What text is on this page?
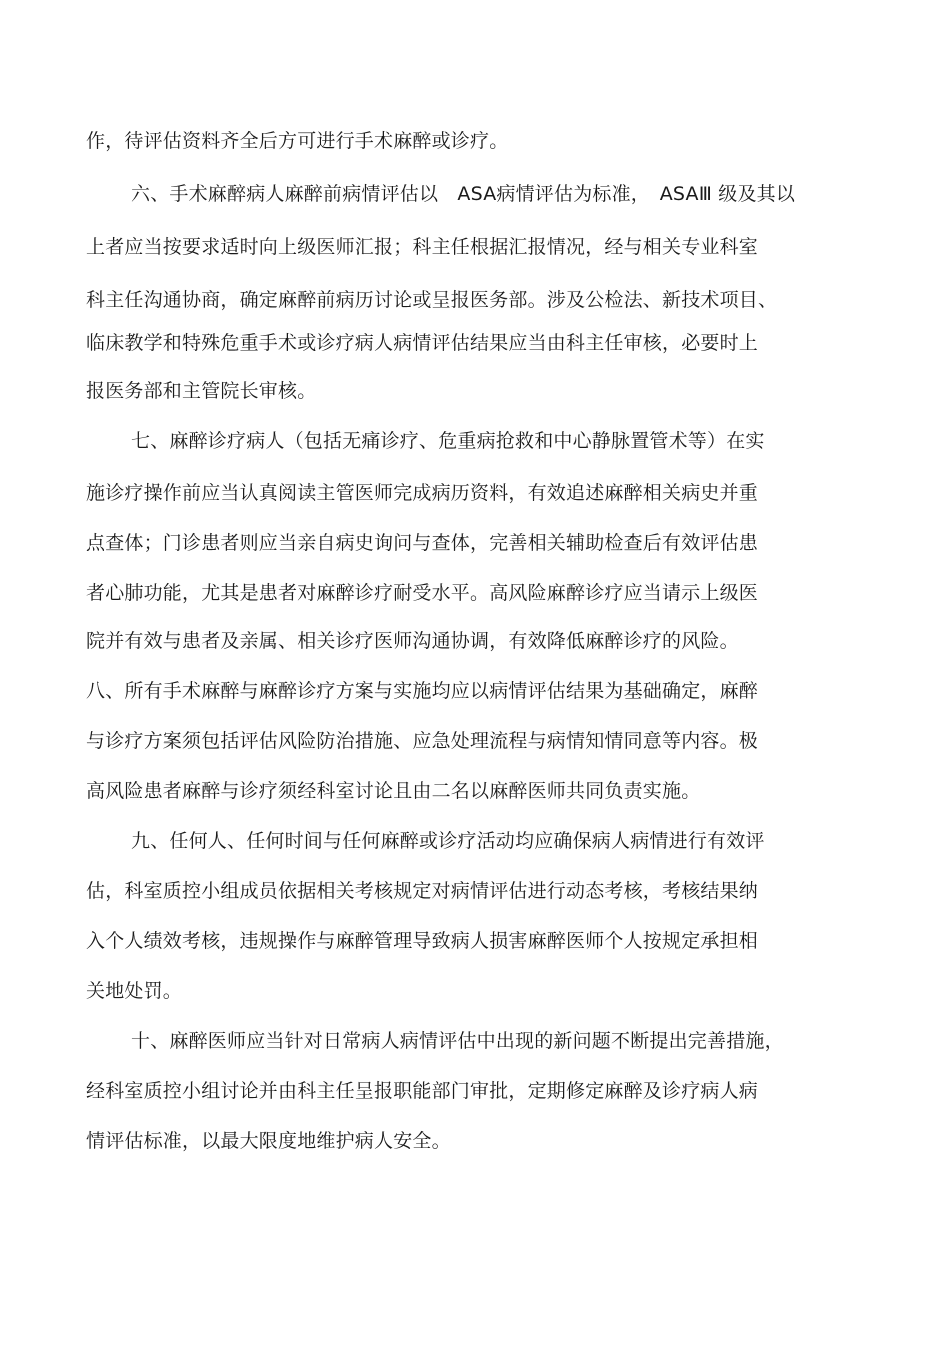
作，待评估资料齐全后方可进行手术麻醉或诊疗。
六、手术麻醉病人麻醉前病情评估以　ASA病情评估为标准，　ASAⅢ 级及其以
上者应当按要求适时向上级医师汇报；科主任根据汇报情况，经与相关专业科室
科主任沟通协商，确定麻醉前病历讨论或呈报医务部。涉及公检法、新技术项目、
临床教学和特殊危重手术或诊疗病人病情评估结果应当由科主任审核，必要时上
报医务部和主管院长审核。
七、麻醉诊疗病人（包括无痛诊疗、危重病抢救和中心静脉置管术等）在实
施诊疗操作前应当认真阅读主管医师完成病历资料，有效追述麻醉相关病史并重
点查体；门诊患者则应当亲自病史询问与查体，完善相关辅助检查后有效评估患
者心肺功能，尤其是患者对麻醉诊疗耐受水平。高风险麻醉诊疗应当请示上级医
院并有效与患者及亲属、相关诊疗医师沟通协调，有效降低麻醉诊疗的风险。
八、所有手术麻醉与麻醉诊疗方案与实施均应以病情评估结果为基础确定，麻醉
与诊疗方案须包括评估风险防治措施、应急处理流程与病情知情同意等内容。极
高风险患者麻醉与诊疗须经科室讨论且由二名以麻醉医师共同负责实施。
九、任何人、任何时间与任何麻醉或诊疗活动均应确保病人病情进行有效评
估，科室质控小组成员依据相关考核规定对病情评估进行动态考核，考核结果纳
入个人绩效考核，违规操作与麻醉管理导致病人损害麻醉医师个人按规定承担相
关地处罚。
十、麻醉医师应当针对日常病人病情评估中出现的新问题不断提出完善措施，
经科室质控小组讨论并由科主任呈报职能部门审批，定期修定麻醉及诊疗病人病
情评估标准，以最大限度地维护病人安全。
